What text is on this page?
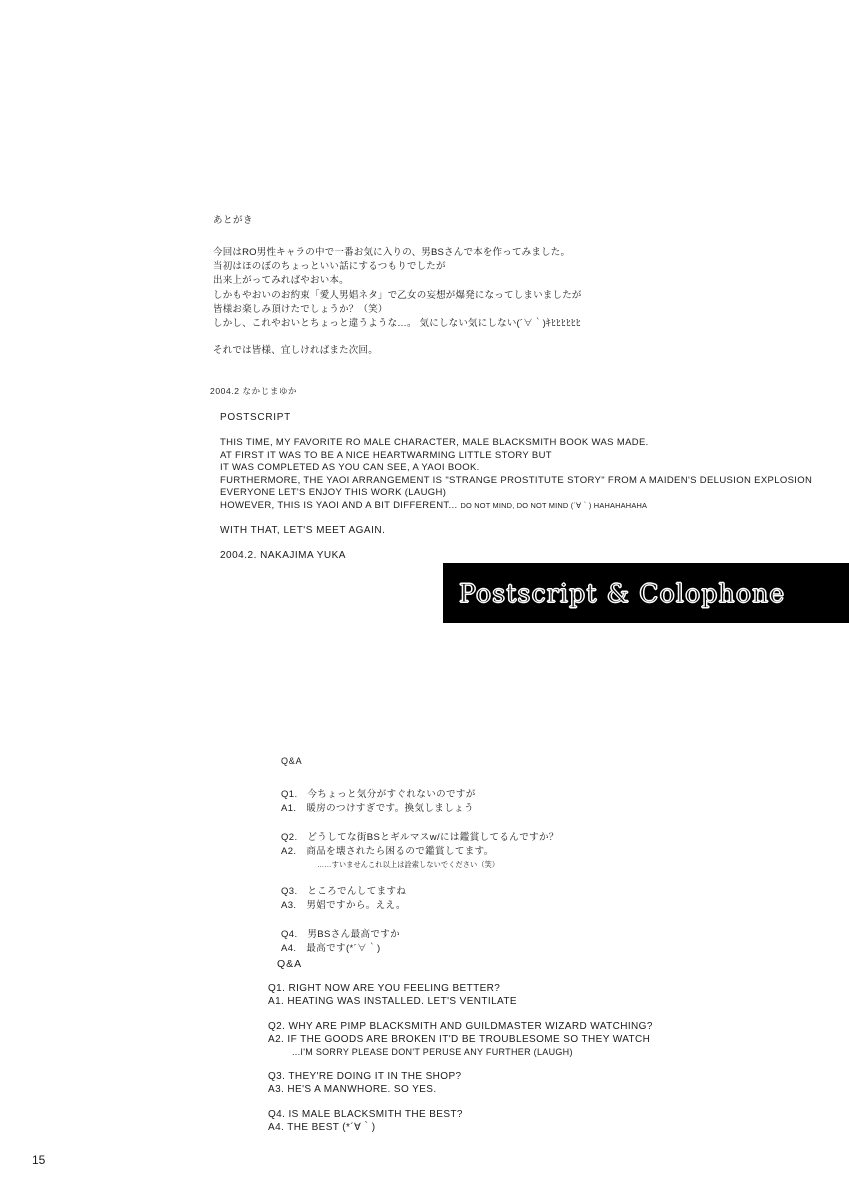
あとがき
今回はRO男性キャラの中で一番お気に入りの、男BSさんで本を作ってみました。
当初はほのぼのちょっといい話にするつもりでしたが
出来上がってみればやおい本。
しかもやおいのお約束「愛人男娼ネタ」で乙女の妄想が爆発になってしまいましたが
皆様お楽しみ頂けたでしょうか？（笑）
しかし、これやおいとちょっと違うような…。 気にしない気にしない(´∀｀)ｷﾋﾋﾋﾋﾋﾋ
それでは皆様、宜しければまた次回。
2004.2 なかじまゆか
POSTSCRIPT
THIS TIME, MY FAVORITE RO MALE CHARACTER, MALE BLACKSMITH BOOK WAS MADE.
AT FIRST IT WAS TO BE A NICE HEARTWARMING LITTLE STORY BUT
IT WAS COMPLETED AS YOU CAN SEE, A YAOI BOOK.
FURTHERMORE, THE YAOI ARRANGEMENT IS "STRANGE PROSTITUTE STORY" FROM A MAIDEN'S DELUSION EXPLOSION
EVERYONE LET'S ENJOY THIS WORK (LAUGH)
HOWEVER, THIS IS YAOI AND A BIT DIFFERENT... DO NOT MIND, DO NOT MIND (´∀｀) HAHAHAHAHA
WITH THAT, LET'S MEET AGAIN.
2004.2. NAKAJIMA YUKA
Postscript & Colophone
Q&A
Q1.　今ちょっと気分がすぐれないのですが
A1.　暖房のつけすぎです。換気しましょう
Q2.　どうしてな街BSとギルマスw/には鑑賞してるんですか？
A2.　商品を壊されたら困るので鑑賞してます。
……すいませんこれ以上は詮索しないでください（笑）
Q3.　ところでんしてますね
A3.　男娼ですから。ええ。
Q4.　男BSさん最高ですか
A4.　最高です(*´∀｀)
Q&A
Q1. RIGHT NOW ARE YOU FEELING BETTER?
A1. HEATING WAS INSTALLED. LET'S VENTILATE
Q2. WHY ARE PIMP BLACKSMITH AND GUILDMASTER WIZARD WATCHING?
A2. IF THE GOODS ARE BROKEN IT'D BE TROUBLESOME SO THEY WATCH
...I'M SORRY PLEASE DON'T PERUSE ANY FURTHER (LAUGH)
Q3. THEY'RE DOING IT IN THE SHOP?
A3. HE'S A MANWHORE. SO YES.
Q4. IS MALE BLACKSMITH THE BEST?
A4. THE BEST (*´∀｀)
15
